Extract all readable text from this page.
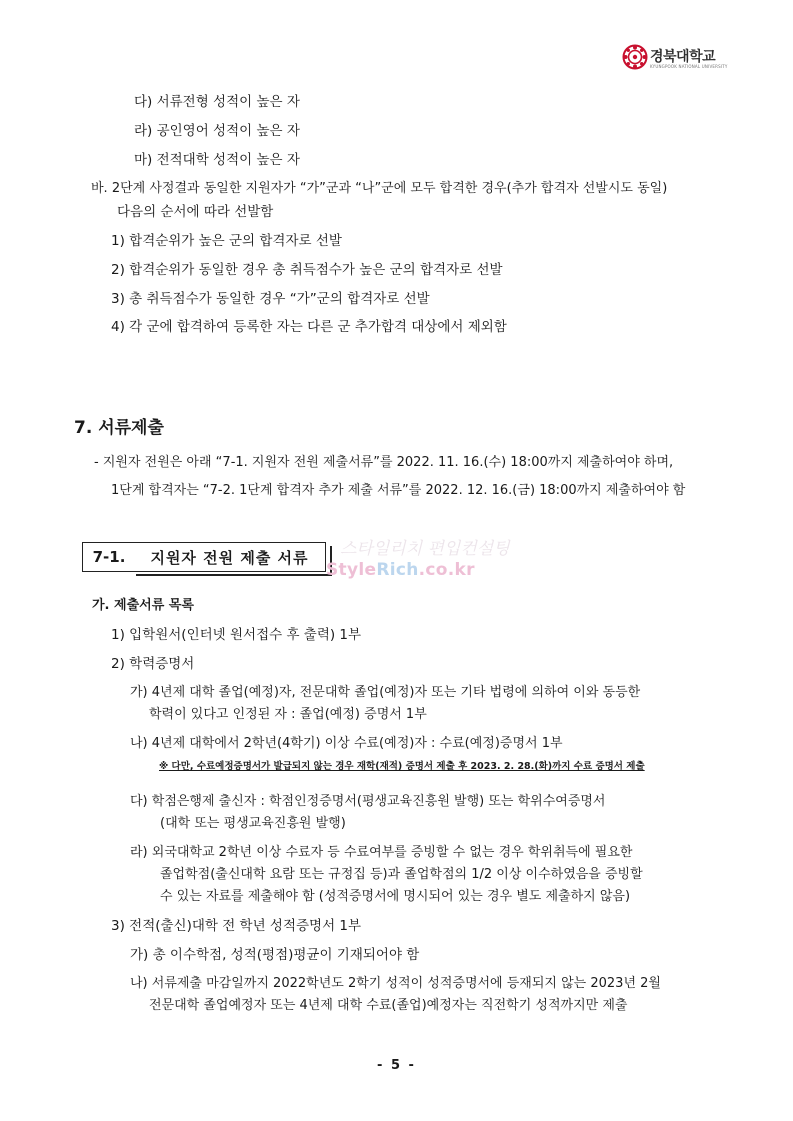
경북대학교
KYUNGPOOK NATIONAL UNIVERSITY
다) 서류전형 성적이 높은 자
라) 공인영어 성적이 높은 자
마) 전적대학 성적이 높은 자
바. 2단계 사정결과 동일한 지원자가 “가”군과 “나”군에 모두 합격한 경우(추가 합격자 선발시도 동일)
다음의 순서에 따라 선발함
1) 합격순위가 높은 군의 합격자로 선발
2) 합격순위가 동일한 경우 총 취득점수가 높은 군의 합격자로 선발
3) 총 취득점수가 동일한 경우 “가”군의 합격자로 선발
4) 각 군에 합격하여 등록한 자는 다른 군 추가합격 대상에서 제외함
7. 서류제출
- 지원자 전원은 아래 “7-1. 지원자 전원 제출서류”를 2022. 11. 16.(수) 18:00까지 제출하여야 하며,
1단계 합격자는 “7-2. 1단계 합격자 추가 제출 서류”를 2022. 12. 16.(금) 18:00까지 제출하여야 함
7-1.	지원자 전원 제출 서류	스타일리치 편입컨설팅
StyleRich.co.kr
가. 제출서류 목록
1) 입학원서(인터넷 원서접수 후 출력) 1부
2) 학력증명서
가) 4년제 대학 졸업(예정)자, 전문대학 졸업(예정)자 또는 기타 법령에 의하여 이와 동등한
학력이 있다고 인정된 자 : 졸업(예정) 증명서 1부
나) 4년제 대학에서 2학년(4학기) 이상 수료(예정)자 : 수료(예정)증명서 1부
※ 다만, 수료예정증명서가 발급되지 않는 경우 재학(재적) 증명서 제출 후 2023. 2. 28.(화)까지 수료 증명서 제출
다) 학점은행제 출신자 : 학점인정증명서(평생교육진흥원 발행) 또는 학위수여증명서
(대학 또는 평생교육진흥원 발행)
라) 외국대학교 2학년 이상 수료자 등 수료여부를 증빙할 수 없는 경우 학위취득에 필요한
졸업학점(출신대학 요람 또는 규정집 등)과 졸업학점의 1/2 이상 이수하였음을 증빙할
수 있는 자료를 제출해야 함 (성적증명서에 명시되어 있는 경우 별도 제출하지 않음)
3) 전적(출신)대학 전 학년 성적증명서 1부
가) 총 이수학점, 성적(평점)평균이 기재되어야 함
나) 서류제출 마감일까지 2022학년도 2학기 성적이 성적증명서에 등재되지 않는 2023년 2월
전문대학 졸업예정자 또는 4년제 대학 수료(졸업)예정자는 직전학기 성적까지만 제출
- 5 -
